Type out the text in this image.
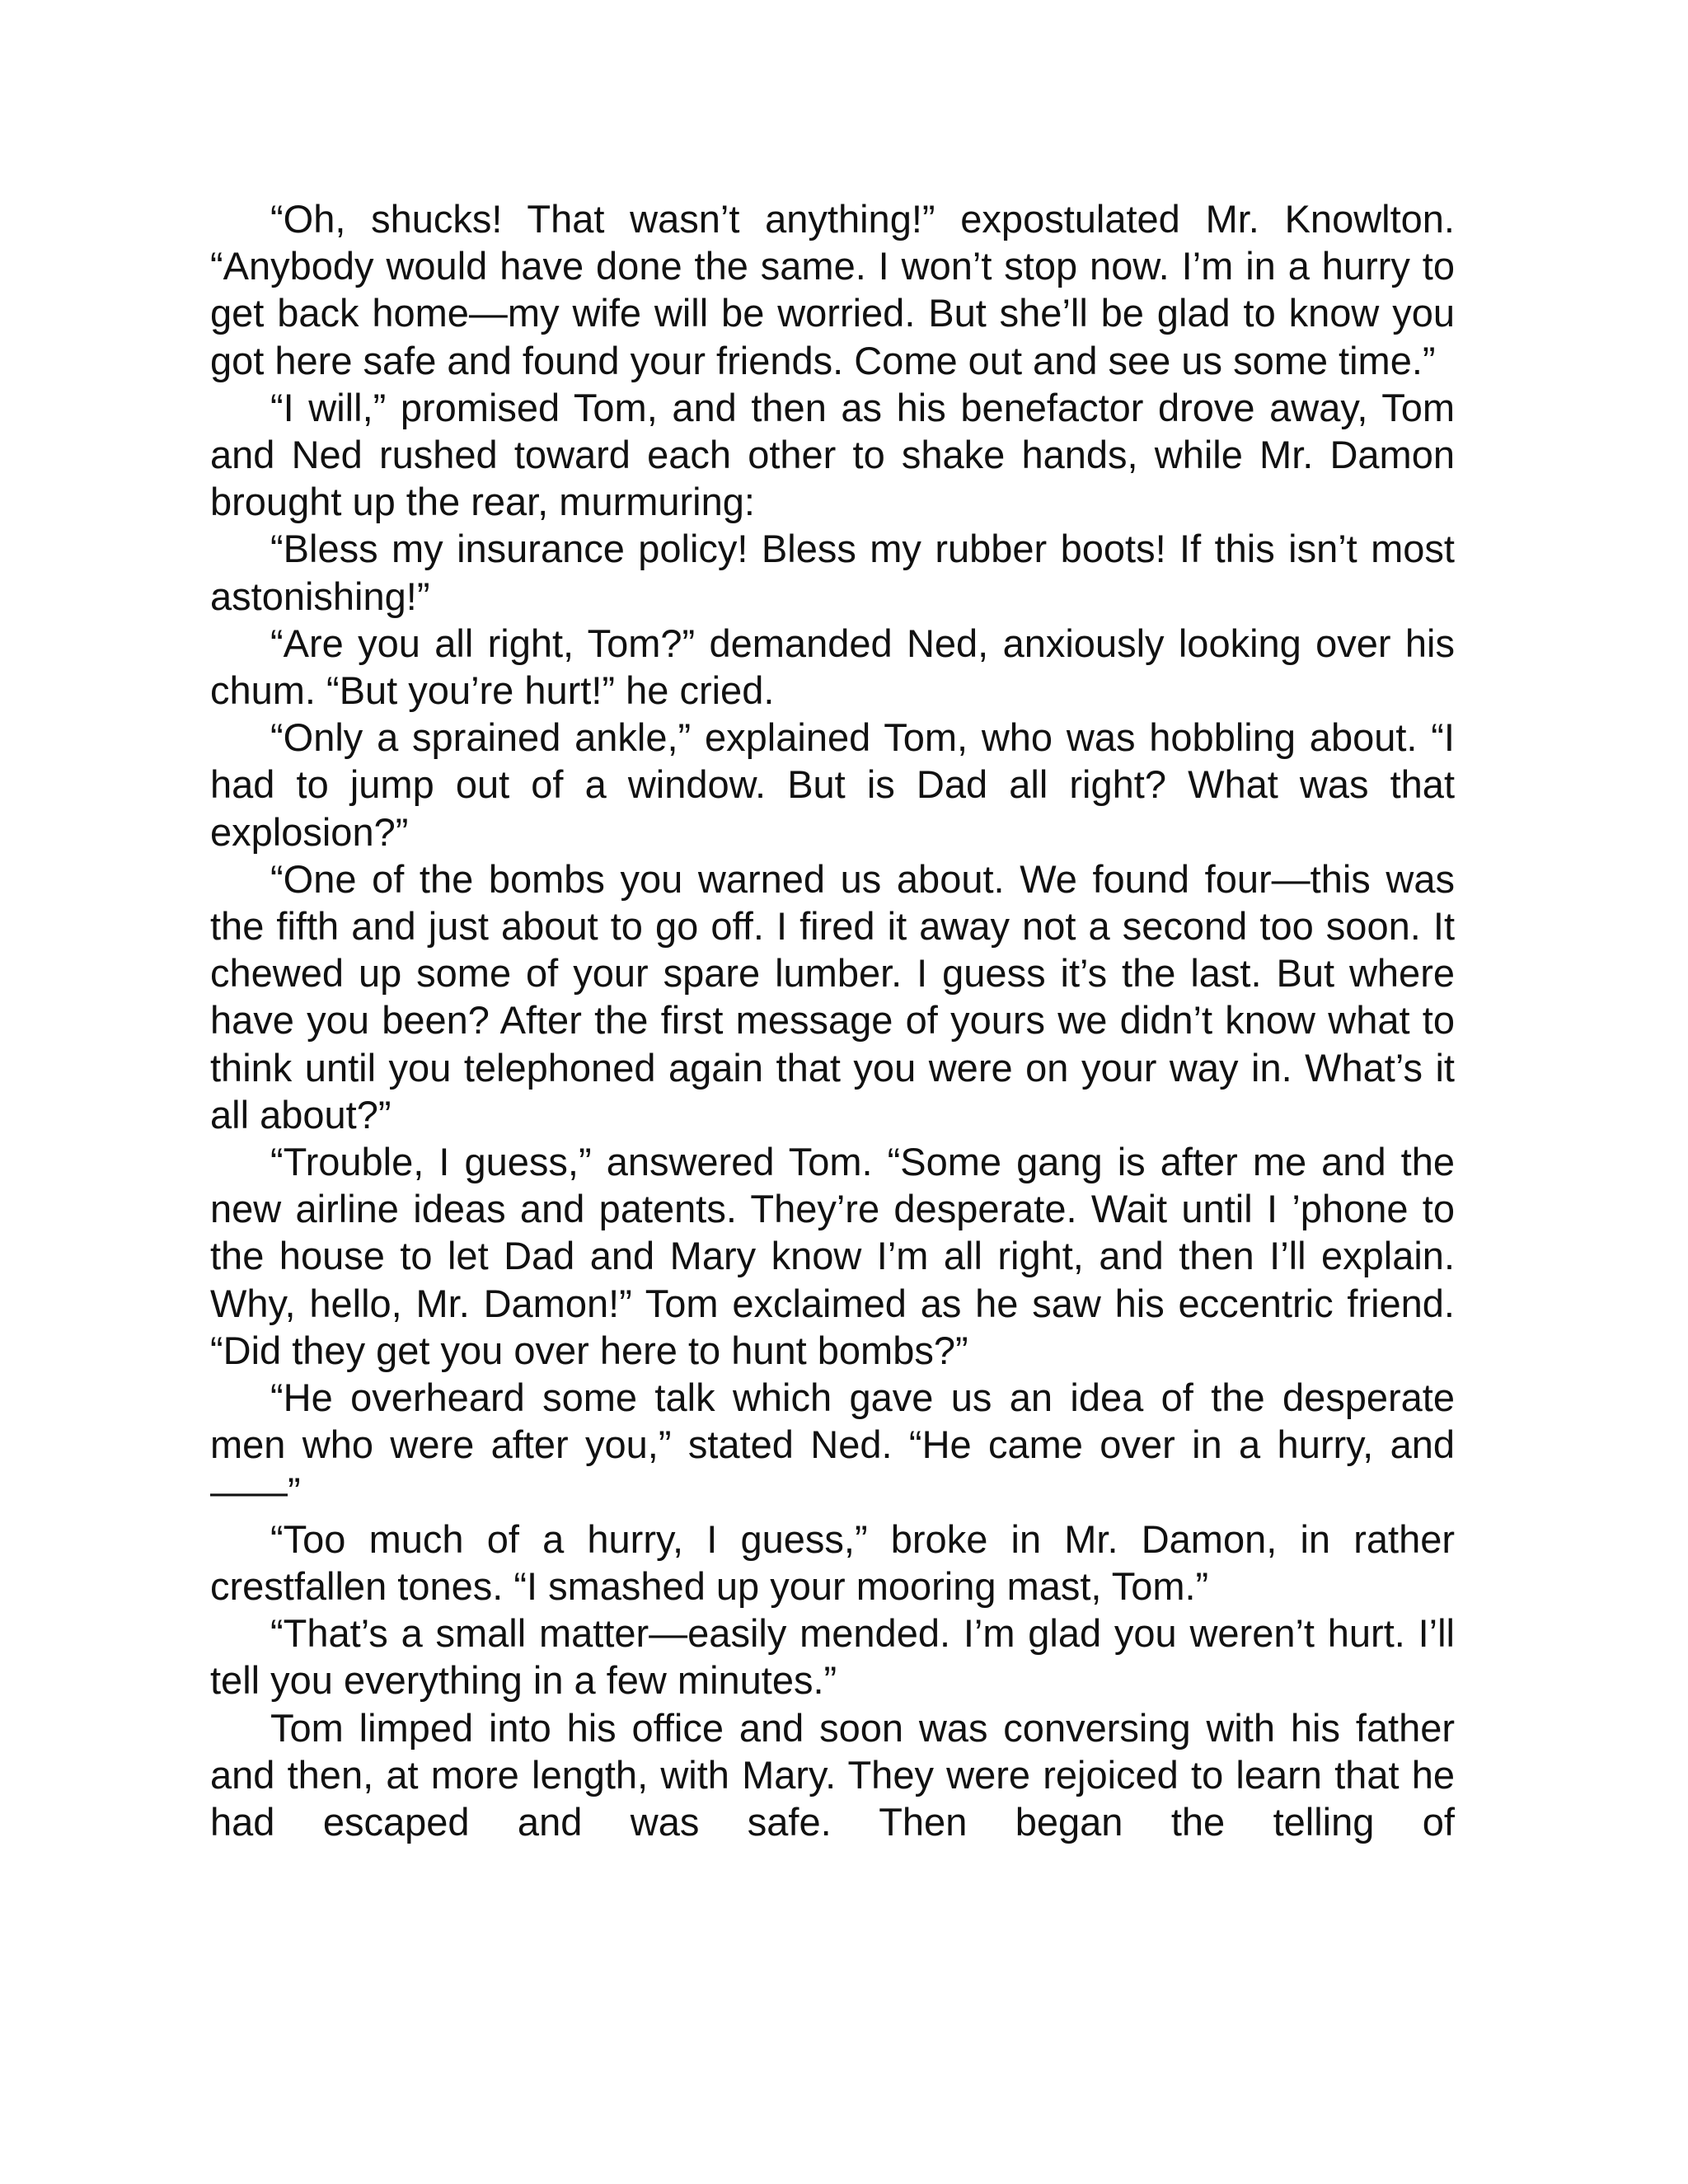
“Oh, shucks! That wasn’t anything!” expostulated Mr. Knowlton. “Anybody would have done the same. I won’t stop now. I’m in a hurry to get back home—my wife will be worried. But she’ll be glad to know you got here safe and found your friends. Come out and see us some time.”

“I will,” promised Tom, and then as his benefactor drove away, Tom and Ned rushed toward each other to shake hands, while Mr. Damon brought up the rear, murmuring:

“Bless my insurance policy! Bless my rubber boots! If this isn’t most astonishing!”

“Are you all right, Tom?” demanded Ned, anxiously looking over his chum. “But you’re hurt!” he cried.

“Only a sprained ankle,” explained Tom, who was hobbling about. “I had to jump out of a window. But is Dad all right? What was that explosion?”

“One of the bombs you warned us about. We found four—this was the fifth and just about to go off. I fired it away not a second too soon. It chewed up some of your spare lumber. I guess it’s the last. But where have you been? After the first message of yours we didn’t know what to think until you telephoned again that you were on your way in. What’s it all about?”

“Trouble, I guess,” answered Tom. “Some gang is after me and the new airline ideas and patents. They’re desperate. Wait until I ’phone to the house to let Dad and Mary know I’m all right, and then I’ll explain. Why, hello, Mr. Damon!” Tom exclaimed as he saw his eccentric friend. “Did they get you over here to hunt bombs?”

“He overheard some talk which gave us an idea of the desperate men who were after you,” stated Ned. “He came over in a hurry, and ——”

“Too much of a hurry, I guess,” broke in Mr. Damon, in rather crestfallen tones. “I smashed up your mooring mast, Tom.”

“That’s a small matter—easily mended. I’m glad you weren’t hurt. I’ll tell you everything in a few minutes.”

Tom limped into his office and soon was conversing with his father and then, at more length, with Mary. They were rejoiced to learn that he had escaped and was safe. Then began the telling of
